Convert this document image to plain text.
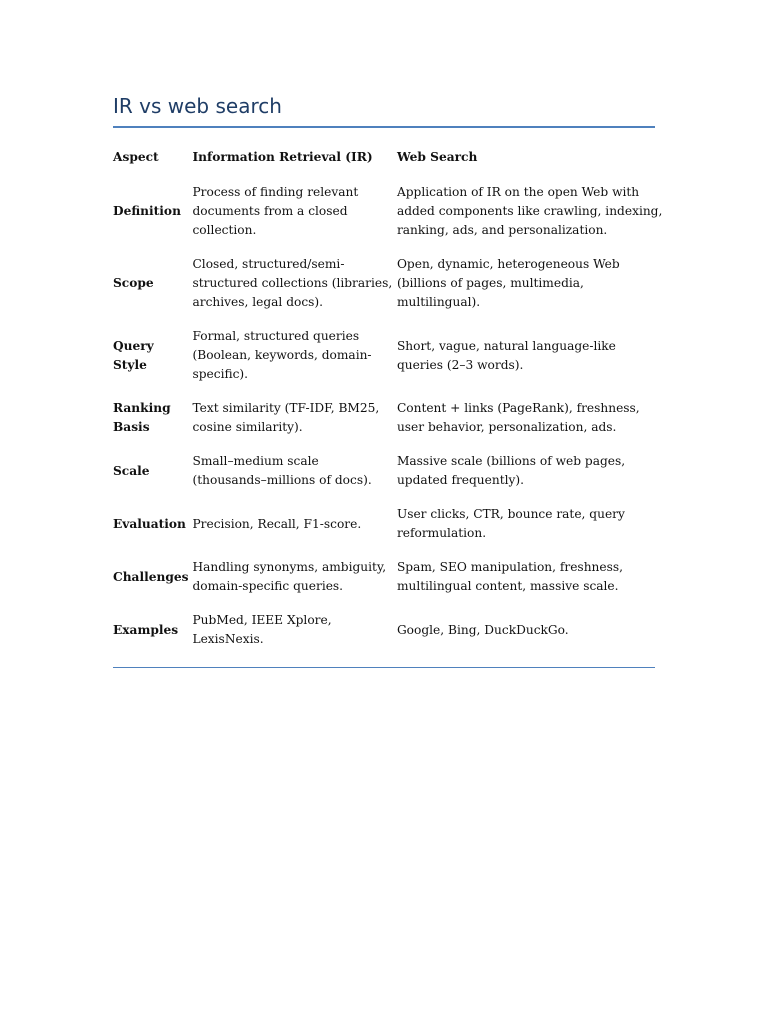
IR vs web search
Aspect	Information Retrieval (IR)	Web Search
Definition	Process of finding relevant documents from a closed collection.	Application of IR on the open Web with added components like crawling, indexing, ranking, ads, and personalization.
Scope	Closed, structured/semi-structured collections (libraries, archives, legal docs).	Open, dynamic, heterogeneous Web (billions of pages, multimedia, multilingual).
Query Style	Formal, structured queries (Boolean, keywords, domain-specific).	Short, vague, natural language-like queries (2–3 words).
Ranking Basis	Text similarity (TF-IDF, BM25, cosine similarity).	Content + links (PageRank), freshness, user behavior, personalization, ads.
Scale	Small–medium scale (thousands–millions of docs).	Massive scale (billions of web pages, updated frequently).
Evaluation	Precision, Recall, F1-score.	User clicks, CTR, bounce rate, query reformulation.
Challenges	Handling synonyms, ambiguity, domain-specific queries.	Spam, SEO manipulation, freshness, multilingual content, massive scale.
Examples	PubMed, IEEE Xplore, LexisNexis.	Google, Bing, DuckDuckGo.
